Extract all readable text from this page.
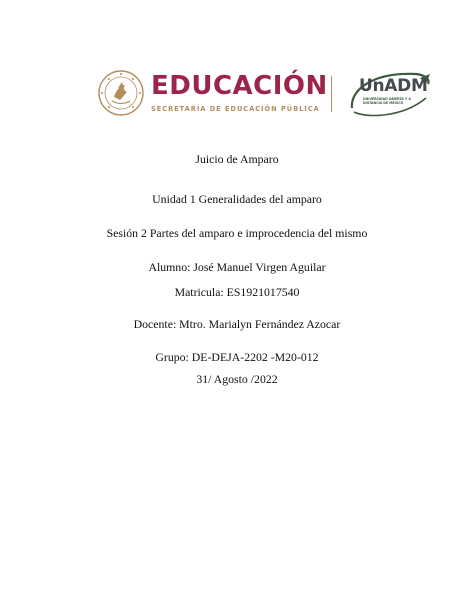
EDUCACIÓN
SECRETARÍA DE EDUCACIÓN PÚBLICA
UnADM
UNIVERSIDAD ABIERTA Y A DISTANCIA DE MÉXICO
Juicio de Amparo
Unidad 1 Generalidades del amparo
Sesión 2 Partes del amparo e improcedencia del mismo
Alumno: José Manuel Virgen Aguilar
Matricula: ES1921017540
Docente: Mtro. Marialyn Fernández Azocar
Grupo: DE-DEJA-2202 -M20-012
31/ Agosto /2022
